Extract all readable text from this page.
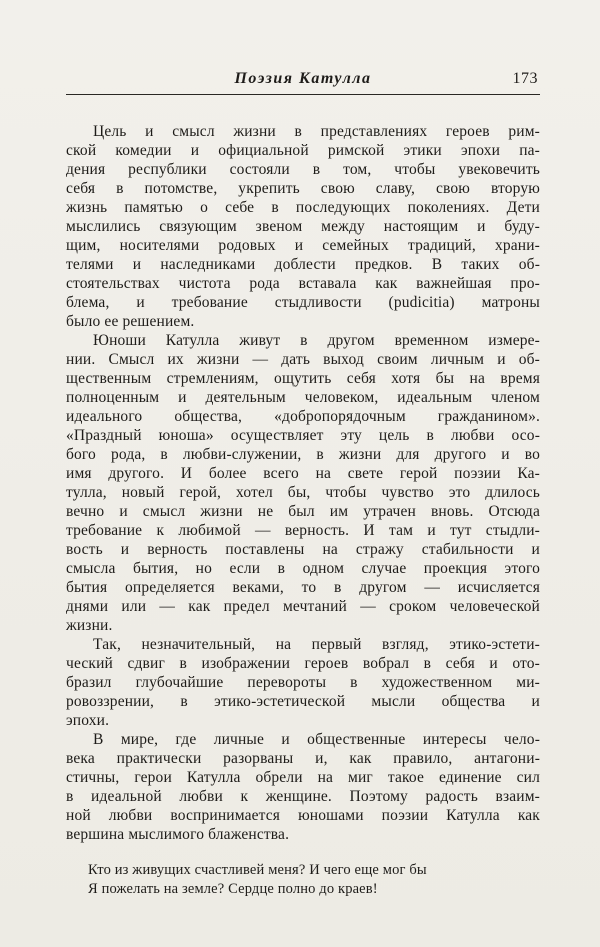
Поэзия Катулла	173
Цель и смысл жизни в представлениях героев рим-
ской комедии и официальной римской этики эпохи па-
дения республики состояли в том, чтобы увековечить
себя в потомстве, укрепить свою славу, свою вторую
жизнь памятью о себе в последующих поколениях. Дети
мыслились связующим звеном между настоящим и буду-
щим, носителями родовых и семейных традиций, храни-
телями и наследниками доблести предков. В таких об-
стоятельствах чистота рода вставала как важнейшая про-
блема, и требование стыдливости (pudicitia) матроны
было ее решением.
Юноши Катулла живут в другом временном измере-
нии. Смысл их жизни — дать выход своим личным и об-
щественным стремлениям, ощутить себя хотя бы на время
полноценным и деятельным человеком, идеальным членом
идеального общества, «добропорядочным гражданином».
«Праздный юноша» осуществляет эту цель в любви осо-
бого рода, в любви-служении, в жизни для другого и во
имя другого. И более всего на свете герой поэзии Ка-
тулла, новый герой, хотел бы, чтобы чувство это длилось
вечно и смысл жизни не был им утрачен вновь. Отсюда
требование к любимой — верность. И там и тут стыдли-
вость и верность поставлены на стражу стабильности и
смысла бытия, но если в одном случае проекция этого
бытия определяется веками, то в другом — исчисляется
днями или — как предел мечтаний — сроком человеческой
жизни.
Так, незначительный, на первый взгляд, этико-эстети-
ческий сдвиг в изображении героев вобрал в себя и ото-
бразил глубочайшие перевороты в художественном ми-
ровоззрении, в этико-эстетической мысли общества и
эпохи.
В мире, где личные и общественные интересы чело-
века практически разорваны и, как правило, антагони-
стичны, герои Катулла обрели на миг такое единение сил
в идеальной любви к женщине. Поэтому радость взаим-
ной любви воспринимается юношами поэзии Катулла как
вершина мыслимого блаженства.
Кто из живущих счастливей меня? И чего еще мог бы
Я пожелать на земле? Сердце полно до краев!
